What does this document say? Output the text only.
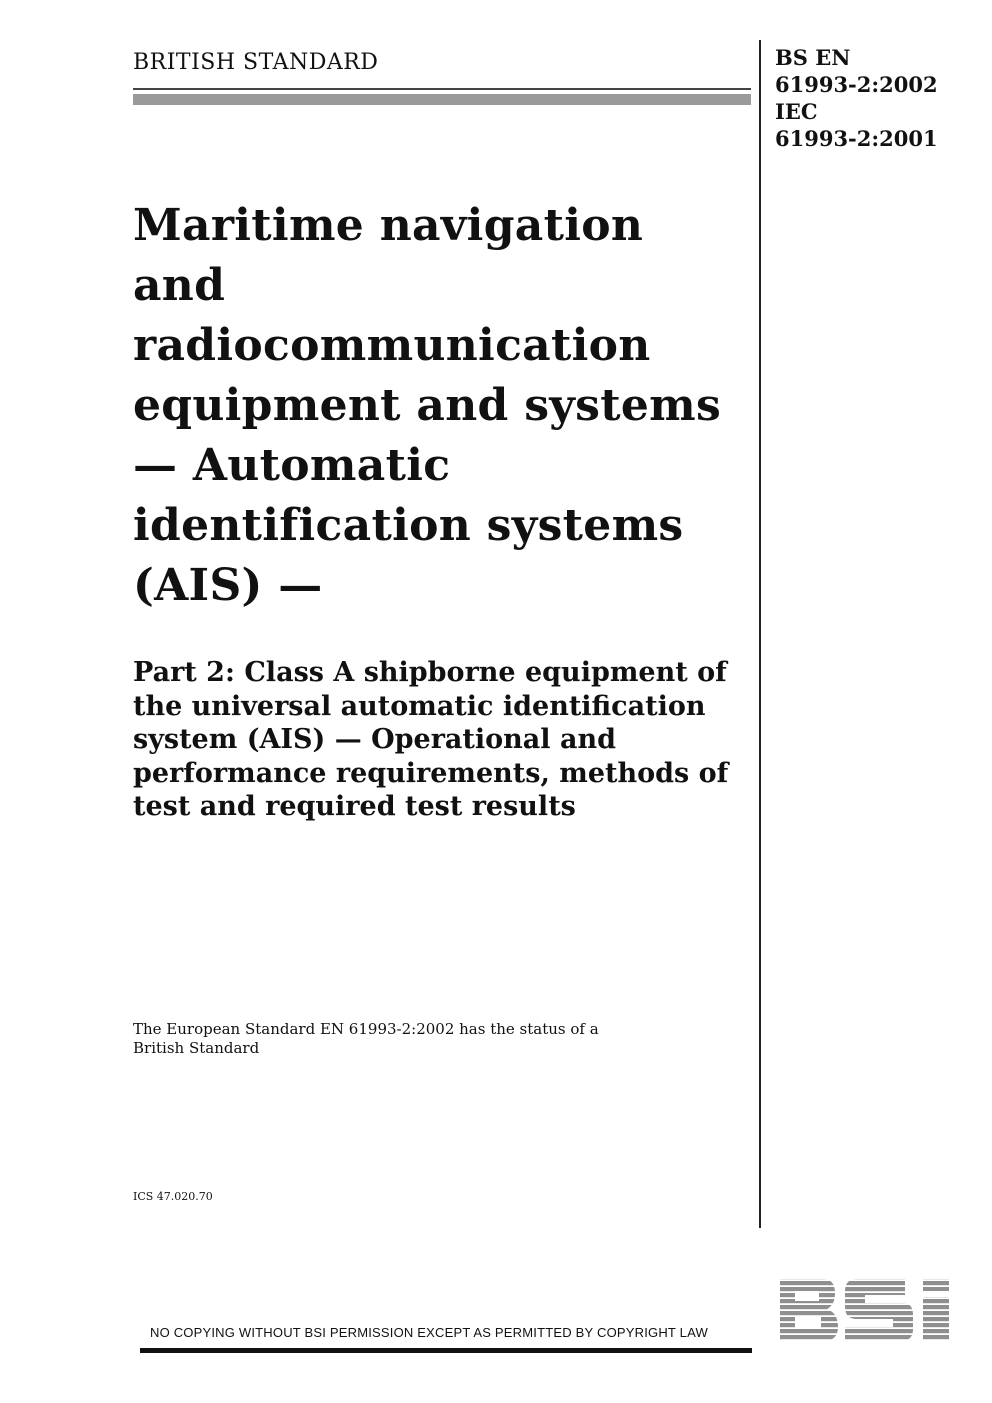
BRITISH STANDARD	BS EN
61993-2:2002
IEC
61993-2:2001
Maritime navigation and radiocommunication equipment and systems — Automatic identification systems (AIS) —
Part 2: Class A shipborne equipment of the universal automatic identification system (AIS) — Operational and performance requirements, methods of test and required test results
The European Standard EN 61993-2:2002 has the status of a British Standard
ICS 47.020.70
NO COPYING WITHOUT BSI PERMISSION EXCEPT AS PERMITTED BY COPYRIGHT LAW
